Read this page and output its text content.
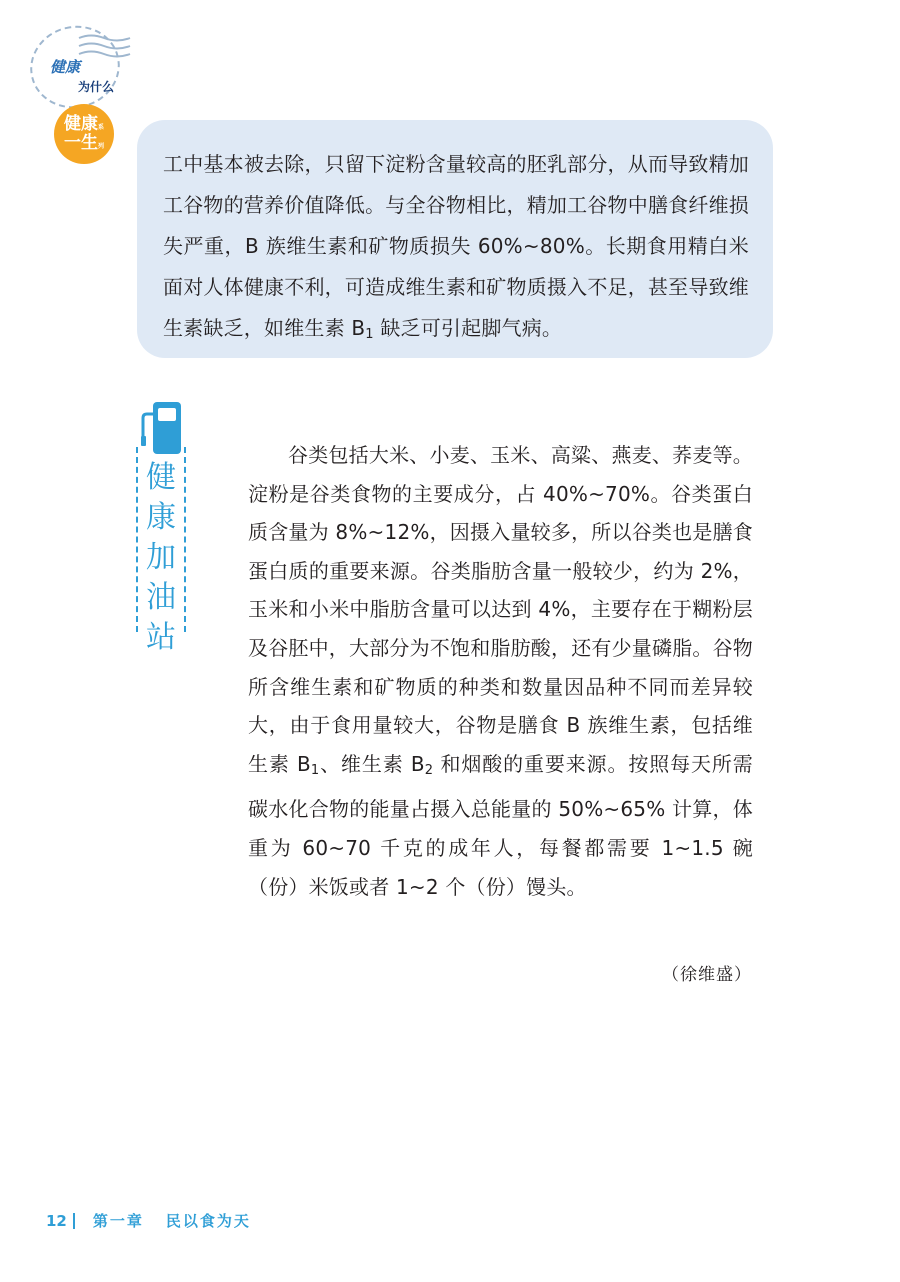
健康
为什么
健康系
一生列

工中基本被去除，只留下淀粉含量较高的胚乳部分，从而导致精加工谷物的营养价值降低。与全谷物相比，精加工谷物中膳食纤维损失严重，B 族维生素和矿物质损失 60%~80%。长期食用精白米面对人体健康不利，可造成维生素和矿物质摄入不足，甚至导致维生素缺乏，如维生素 $B_1$ 缺乏可引起脚气病。

健
康
加
油
站

谷类包括大米、小麦、玉米、高粱、燕麦、荞麦等。淀粉是谷类食物的主要成分，占 40%~70%。谷类蛋白质含量为 8%~12%，因摄入量较多，所以谷类也是膳食蛋白质的重要来源。谷类脂肪含量一般较少，约为 2%，玉米和小米中脂肪含量可以达到 4%，主要存在于糊粉层及谷胚中，大部分为不饱和脂肪酸，还有少量磷脂。谷物所含维生素和矿物质的种类和数量因品种不同而差异较大，由于食用量较大，谷物是膳食 B 族维生素，包括维生素 $B_1$、维生素 $B_2$ 和烟酸的重要来源。按照每天所需碳水化合物的能量占摄入总能量的 50%~65% 计算，体重为 60~70 千克的成年人，每餐都需要 1~1.5 碗（份）米饭或者 1~2 个（份）馒头。

（徐维盛）
12 第一章 民以食为天
